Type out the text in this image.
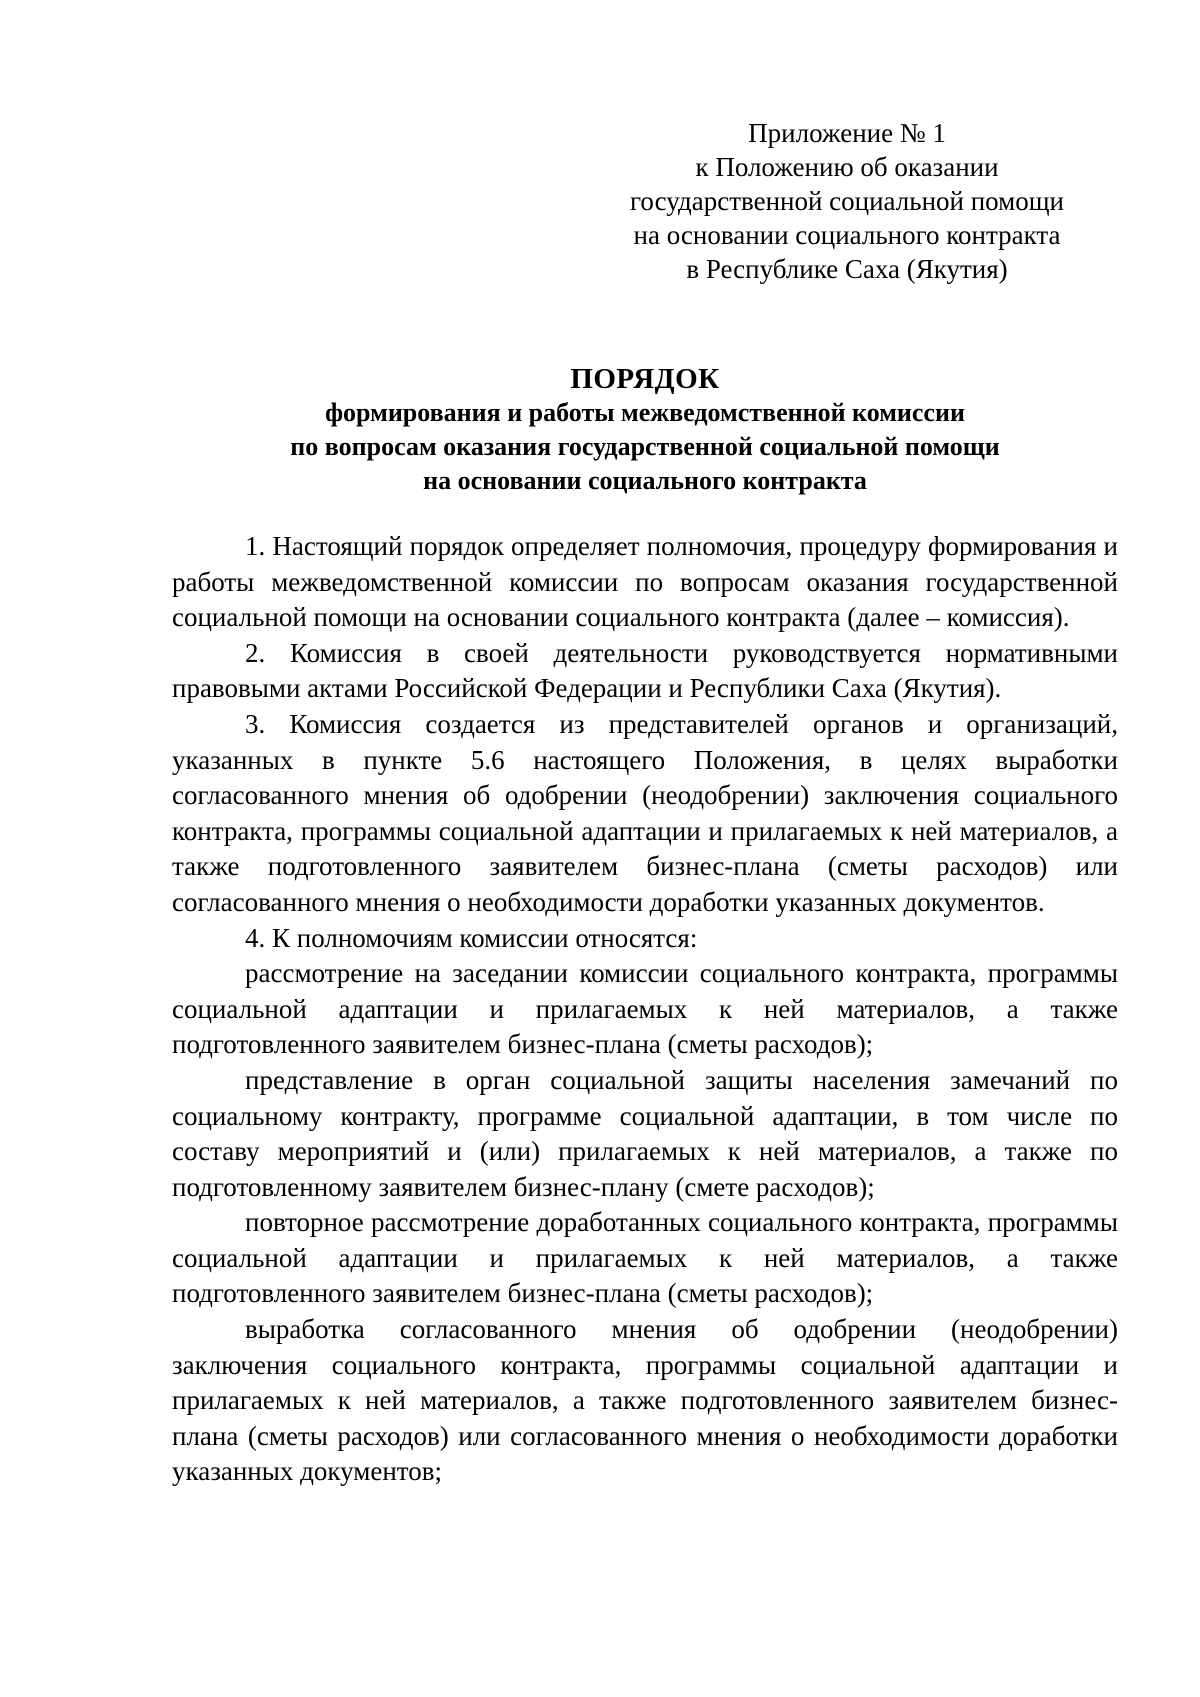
Приложение № 1
к Положению об оказании
государственной социальной помощи
на основании социального контракта
в Республике Саха (Якутия)
ПОРЯДОК
формирования и работы межведомственной комиссии
по вопросам оказания государственной социальной помощи
на основании социального контракта

1. Настоящий порядок определяет полномочия, процедуру формирования и работы межведомственной комиссии по вопросам оказания государственной социальной помощи на основании социального контракта (далее – комиссия).

2. Комиссия в своей деятельности руководствуется нормативными правовыми актами Российской Федерации и Республики Саха (Якутия).

3. Комиссия создается из представителей органов и организаций, указанных в пункте 5.6 настоящего Положения, в целях выработки согласованного мнения об одобрении (неодобрении) заключения социального контракта, программы социальной адаптации и прилагаемых к ней материалов, а также подготовленного заявителем бизнес-плана (сметы расходов) или согласованного мнения о необходимости доработки указанных документов.

4. К полномочиям комиссии относятся:

рассмотрение на заседании комиссии социального контракта, программы социальной адаптации и прилагаемых к ней материалов, а также подготовленного заявителем бизнес-плана (сметы расходов);

представление в орган социальной защиты населения замечаний по социальному контракту, программе социальной адаптации, в том числе по составу мероприятий и (или) прилагаемых к ней материалов, а также по подготовленному заявителем бизнес-плану (смете расходов);

повторное рассмотрение доработанных социального контракта, программы социальной адаптации и прилагаемых к ней материалов, а также подготовленного заявителем бизнес-плана (сметы расходов);

выработка согласованного мнения об одобрении (неодобрении) заключения социального контракта, программы социальной адаптации и прилагаемых к ней материалов, а также подготовленного заявителем бизнес-плана (сметы расходов) или согласованного мнения о необходимости доработки указанных документов;
